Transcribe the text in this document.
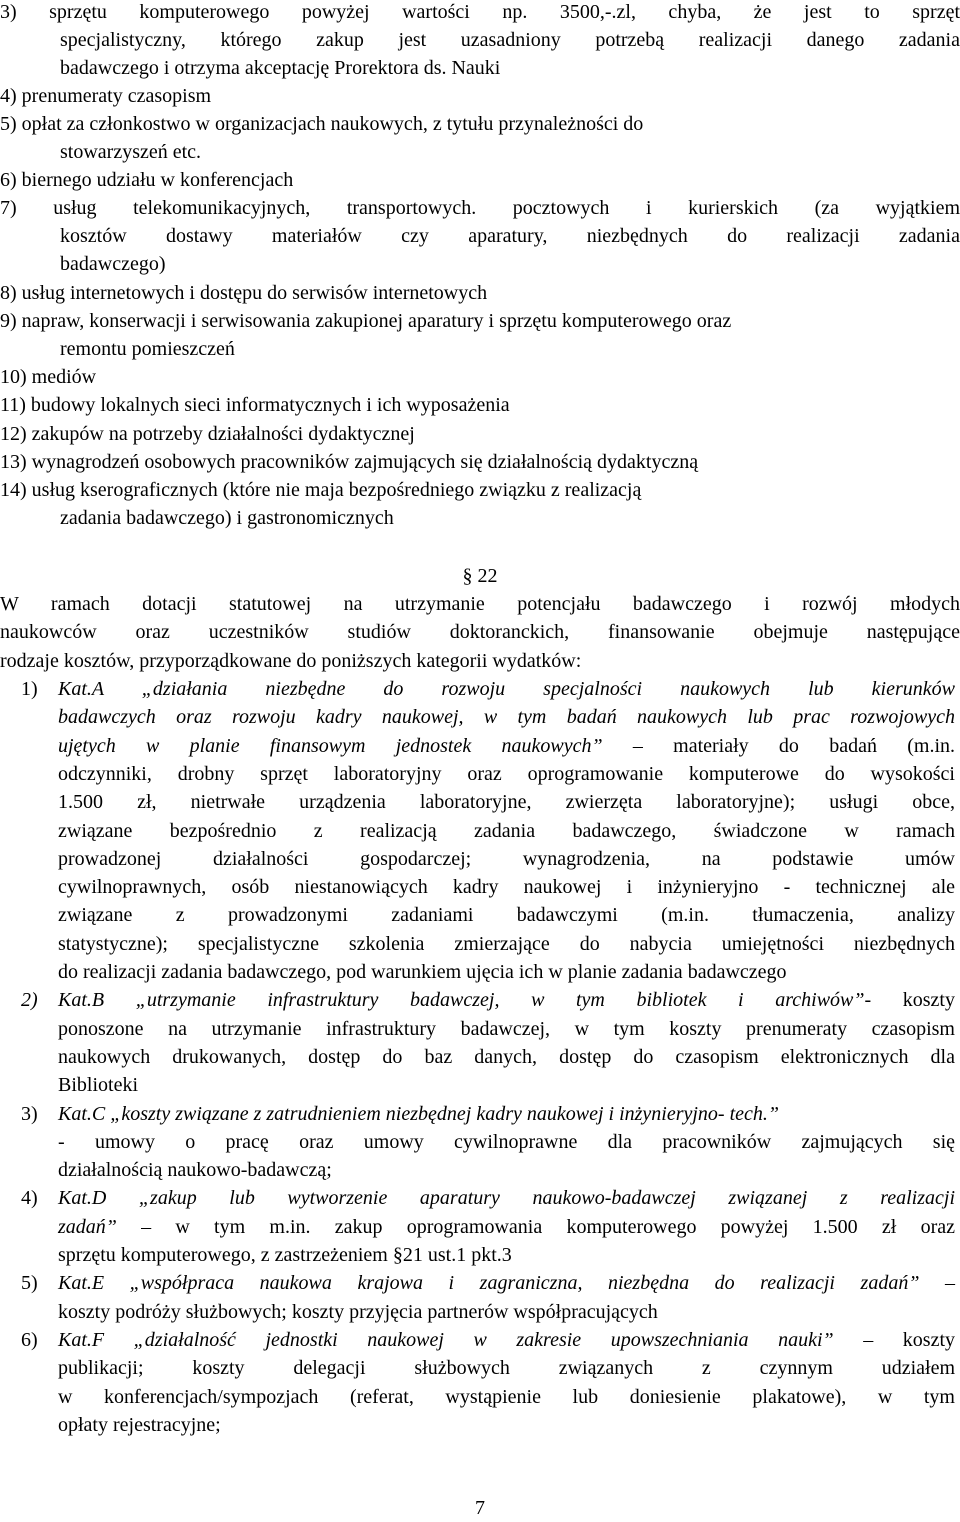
3) sprzętu komputerowego powyżej wartości np. 3500,-.zl, chyba, że jest to sprzęt
specjalistyczny, którego zakup jest uzasadniony potrzebą realizacji danego zadania
badawczego i otrzyma akceptację Prorektora ds. Nauki
4) prenumeraty czasopism
5) opłat za członkostwo w organizacjach naukowych, z tytułu przynależności do
stowarzyszeń etc.
6) biernego udziału w konferencjach
7) usług telekomunikacyjnych, transportowych. pocztowych i kurierskich (za wyjątkiem
kosztów dostawy materiałów czy aparatury, niezbędnych do realizacji zadania
badawczego)
8) usług internetowych i dostępu do serwisów internetowych
9) napraw, konserwacji i serwisowania zakupionej aparatury i sprzętu komputerowego oraz
remontu pomieszczeń
10) mediów
11) budowy lokalnych sieci informatycznych i ich wyposażenia
12) zakupów na potrzeby działalności dydaktycznej
13) wynagrodzeń osobowych pracowników zajmujących się działalnością dydaktyczną
14) usług kserograficznych (które nie maja bezpośredniego związku z realizacją
zadania badawczego) i gastronomicznych
§ 22
W ramach dotacji statutowej na utrzymanie potencjału badawczego i rozwój młodych
naukowców oraz uczestników studiów doktoranckich, finansowanie obejmuje następujące
rodzaje kosztów, przyporządkowane do poniższych kategorii wydatków:
1) Kat.A „działania niezbędne do rozwoju specjalności naukowych lub kierunków
badawczych oraz rozwoju kadry naukowej, w tym badań naukowych lub prac rozwojowych
ujętych w planie finansowym jednostek naukowych” – materiały do badań (m.in.
odczynniki, drobny sprzęt laboratoryjny oraz oprogramowanie komputerowe do wysokości
1.500 zł, nietrwałe urządzenia laboratoryjne, zwierzęta laboratoryjne); usługi obce,
związane bezpośrednio z realizacją zadania badawczego, świadczone w ramach
prowadzonej działalności gospodarczej; wynagrodzenia, na podstawie umów
cywilnoprawnych, osób niestanowiących kadry naukowej i inżynieryjno - technicznej ale
związane z prowadzonymi zadaniami badawczymi (m.in. tłumaczenia, analizy
statystyczne); specjalistyczne szkolenia zmierzające do nabycia umiejętności niezbędnych
do realizacji zadania badawczego, pod warunkiem ujęcia ich w planie zadania badawczego
2) Kat.B „utrzymanie infrastruktury badawczej, w tym bibliotek i archiwów”- koszty
ponoszone na utrzymanie infrastruktury badawczej, w tym koszty prenumeraty czasopism
naukowych drukowanych, dostęp do baz danych, dostęp do czasopism elektronicznych dla
Biblioteki
3) Kat.C „koszty związane z zatrudnieniem niezbędnej kadry naukowej i inżynieryjno- tech.”
- umowy o pracę oraz umowy cywilnoprawne dla pracowników zajmujących się
działalnością naukowo-badawczą;
4) Kat.D „zakup lub wytworzenie aparatury naukowo-badawczej związanej z realizacji
zadań” – w tym m.in. zakup oprogramowania komputerowego powyżej 1.500 zł oraz
sprzętu komputerowego, z zastrzeżeniem §21 ust.1 pkt.3
5) Kat.E „współpraca naukowa krajowa i zagraniczna, niezbędna do realizacji zadań” –
koszty podróży służbowych; koszty przyjęcia partnerów współpracujących
6) Kat.F „działalność jednostki naukowej w zakresie upowszechniania nauki” – koszty
publikacji; koszty delegacji służbowych związanych z czynnym udziałem
w konferencjach/sympozjach (referat, wystąpienie lub doniesienie plakatowe), w tym
opłaty rejestracyjne;
7
